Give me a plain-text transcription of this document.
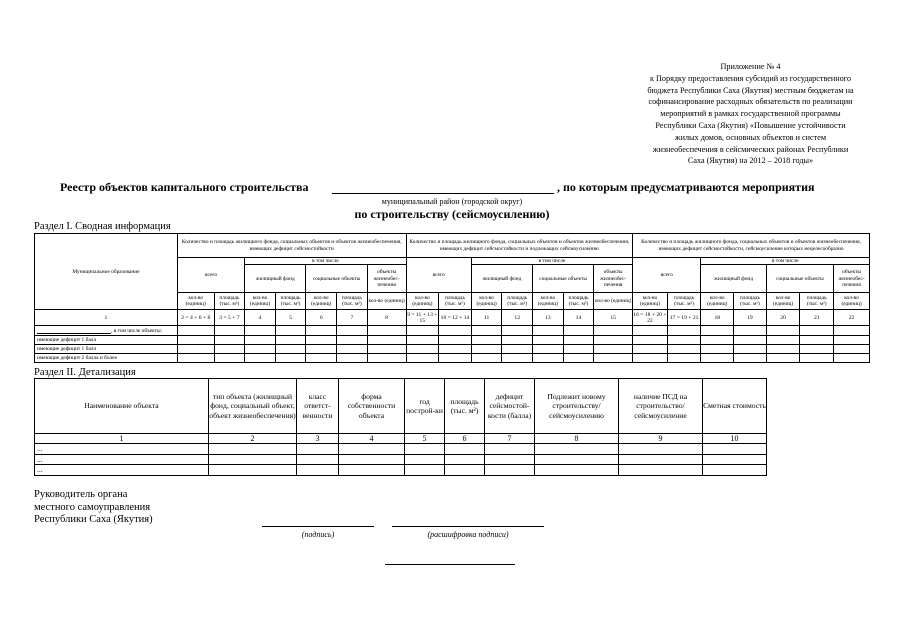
Приложение № 4
к Порядку предоставления субсидий из государственного
бюджета Республики Саха (Якутия) местным бюджетам на
софинансирование расходных обязательств по реализации
мероприятий в рамках государственной программы
Республики Саха (Якутия) «Повышение устойчивости
жилых домов, основных объектов и систем
жизнеобеспечения в сейсмических районах Республики
Саха (Якутия) на 2012 – 2018 годы»
Реестр объектов капитального строительства	, по которым предусматриваются мероприятия
муниципальный район (городской округ)
по строительству (сейсмоусилению)
Раздел I. Сводная информация
Муниципальное образование	Количество и площадь жилищного фонда, социальных объектов и объектов жизнеобеспечения, имеющих дефицит сейсмостойкости							Количество и площадь жилищного фонда, социальных объектов и объектов жизнеобеспечения, имеющих дефицит сейсмостойкости и подлежащих сейсмоусилению							Количество и площадь жилищного фонда, социальных объектов и объектов жизнеобеспечения, имеющих дефицит сейсмостойкости, сейсмоусиление которых нецелесообразно						
	всего		в том числе					всего		в том числе					всего		в том числе				
			жилищный фонд		социальные объекты		объекты жизнеобес-печения			жилищный фонд		социальные объекты		объекты жизнеобес-печения			жилищный фонд		социальные объекты		объекты жизнеобес-печения
	кол-во (единиц)	площадь (тыс. м²)	кол-во (единиц)	площадь (тыс. м²)	кол-во (единиц)	площадь (тыс. м²)	кол-во (единиц)	кол-во (единиц)	площадь (тыс. м²)	кол-во (единиц)	площадь (тыс. м²)	кол-во (единиц)	площадь (тыс. м²)	кол-во (единиц)	кол-во (единиц)	площадь (тыс. м²)	кол-во (единиц)	площадь (тыс. м²)	кол-во (единиц)	площадь (тыс. м²)	кол-во (единиц)
1	2 = 4 + 6 + 8	3 = 5 + 7	4	5	6	7	8	9 = 11 + 13 + 15	10 = 12 + 14	11	12	13	14	15	16 = 18 + 20 + 22	17 = 19 + 21	18	19	20	21	22
, в том числе объекты:																					
имеющие дефицит 1 балл																					
имеющие дефицит 1 балл																					
имеющие дефицит 2 балла и более																					
Раздел II. Детализация
Наименование объекта	тип объекта (жилищный фонд, социальный объект, объект жизнеобеспечения)	класс ответст-венности	форма собственности объекта	год построй-ки	площадь (тыс. м²)	дефицит сейсмостой-кости (балла)	Подлежит новому строительству/ сейсмоусилению	наличие ПСД на строительство/ сейсмоусиление	Сметная стоимость
1	2	3	4	5	6	7	8	9	10
...									
...									
...									
Руководитель органа
местного самоуправления
Республики Саха (Якутия)
(подпись)	(расшифровка подписи)
